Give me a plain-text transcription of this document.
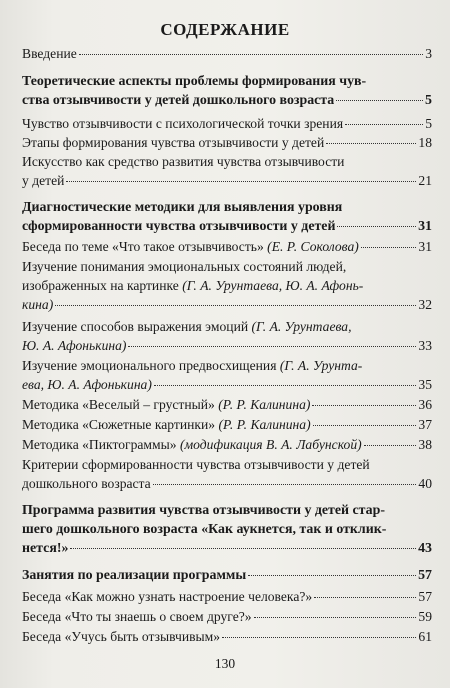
СОДЕРЖАНИЕ
Введение	3
Теоретические аспекты проблемы формирования чув-
ства отзывчивости у детей дошкольного возраста	5
Чувство отзывчивости с психологической точки зрения	5
Этапы формирования чувства отзывчивости у детей	18
Искусство как средство развития чувства отзывчивости
у детей	21
Диагностические методики для выявления уровня
сформированности чувства отзывчивости у детей	31
Беседа по теме «Что такое отзывчивость» (Е. Р. Соколова)	31
Изучение понимания эмоциональных состояний людей,
изображенных на картинке (Г. А. Урунтаева, Ю. А. Афонь-
кина)	32
Изучение способов выражения эмоций (Г. А. Урунтаева,
Ю. А. Афонькина)	33
Изучение эмоционального предвосхищения (Г. А. Урунта-
ева, Ю. А. Афонькина)	35
Методика «Веселый – грустный» (Р. Р. Калинина)	36
Методика «Сюжетные картинки» (Р. Р. Калинина)	37
Методика «Пиктограммы» (модификация В. А. Лабунской)	38
Критерии сформированности чувства отзывчивости у детей
дошкольного возраста	40
Программа развития чувства отзывчивости у детей стар-
шего дошкольного возраста «Как аукнется, так и отклик-
нется!»	43
Занятия по реализации программы	57
Беседа «Как можно узнать настроение человека?»	57
Беседа «Что ты знаешь о своем друге?»	59
Беседа «Учусь быть отзывчивым»	61
130
